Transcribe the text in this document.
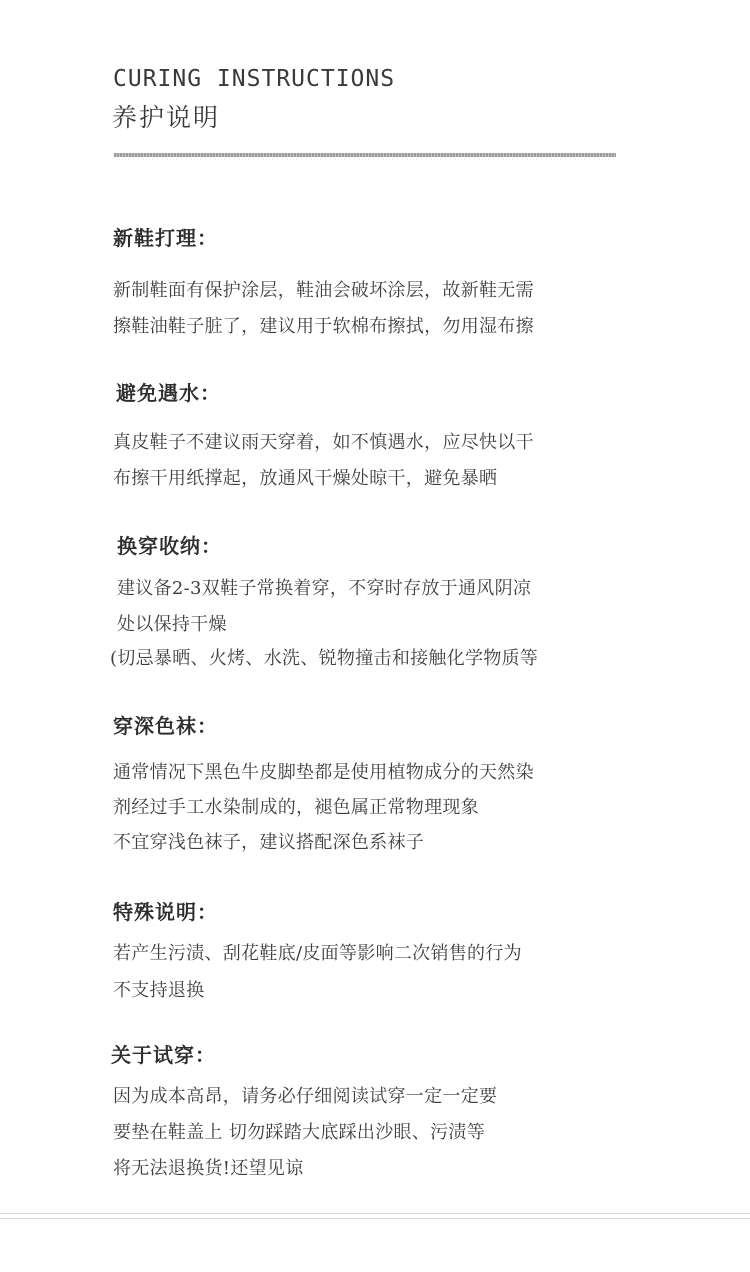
CURING INSTRUCTIONS
养护说明
新鞋打理：
新制鞋面有保护涂层，鞋油会破坏涂层，故新鞋无需
擦鞋油鞋子脏了，建议用于软棉布擦拭，勿用湿布擦
避免遇水：
真皮鞋子不建议雨天穿着，如不慎遇水，应尽快以干
布擦干用纸撑起，放通风干燥处晾干，避免暴晒
换穿收纳：
建议备2-3双鞋子常换着穿，不穿时存放于通风阴凉
处以保持干燥
(切忌暴晒、火烤、水洗、锐物撞击和接触化学物质等
穿深色袜：
通常情况下黑色牛皮脚垫都是使用植物成分的天然染
剂经过手工水染制成的，褪色属正常物理现象
不宜穿浅色袜子，建议搭配深色系袜子
特殊说明：
若产生污渍、刮花鞋底/皮面等影响二次销售的行为
不支持退换
关于试穿：
因为成本高昂，请务必仔细阅读试穿一定一定要
要垫在鞋盖上 切勿踩踏大底踩出沙眼、污渍等
将无法退换货!还望见谅
